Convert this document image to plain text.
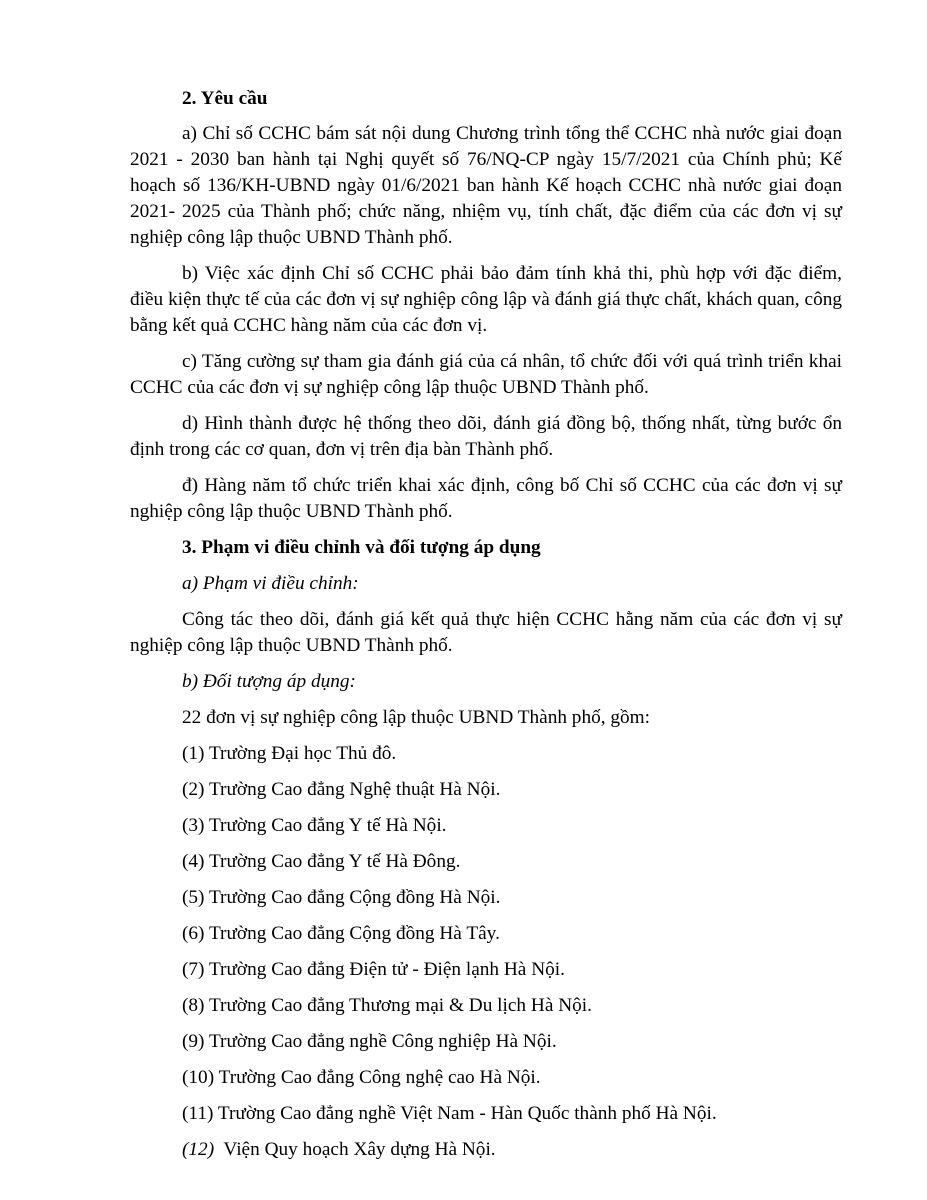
2. Yêu cầu

a) Chỉ số CCHC bám sát nội dung Chương trình tổng thể CCHC nhà nước giai đoạn 2021 - 2030 ban hành tại Nghị quyết số 76/NQ-CP ngày 15/7/2021 của Chính phủ; Kế hoạch số 136/KH-UBND ngày 01/6/2021 ban hành Kế hoạch CCHC nhà nước giai đoạn 2021- 2025 của Thành phố; chức năng, nhiệm vụ, tính chất, đặc điểm của các đơn vị sự nghiệp công lập thuộc UBND Thành phố.

b) Việc xác định Chỉ số CCHC phải bảo đảm tính khả thi, phù hợp với đặc điểm, điều kiện thực tế của các đơn vị sự nghiệp công lập và đánh giá thực chất, khách quan, công bằng kết quả CCHC hàng năm của các đơn vị.

c) Tăng cường sự tham gia đánh giá của cá nhân, tổ chức đối với quá trình triển khai CCHC của các đơn vị sự nghiệp công lập thuộc UBND Thành phố.

d) Hình thành được hệ thống theo dõi, đánh giá đồng bộ, thống nhất, từng bước ổn định trong các cơ quan, đơn vị trên địa bàn Thành phố.

đ) Hàng năm tổ chức triển khai xác định, công bố Chỉ số CCHC của các đơn vị sự nghiệp công lập thuộc UBND Thành phố.

3. Phạm vi điều chỉnh và đối tượng áp dụng

a) Phạm vi điều chỉnh:

Công tác theo dõi, đánh giá kết quả thực hiện CCHC hằng năm của các đơn vị sự nghiệp công lập thuộc UBND Thành phố.

b) Đối tượng áp dụng:

22 đơn vị sự nghiệp công lập thuộc UBND Thành phố, gồm:

(1) Trường Đại học Thủ đô.

(2) Trường Cao đẳng Nghệ thuật Hà Nội.

(3) Trường Cao đẳng Y tế Hà Nội.

(4) Trường Cao đẳng Y tế Hà Đông.

(5) Trường Cao đẳng Cộng đồng Hà Nội.

(6) Trường Cao đẳng Cộng đồng Hà Tây.

(7) Trường Cao đẳng Điện tử - Điện lạnh Hà Nội.

(8) Trường Cao đẳng Thương mại & Du lịch Hà Nội.

(9) Trường Cao đẳng nghề Công nghiệp Hà Nội.

(10) Trường Cao đẳng Công nghệ cao Hà Nội.

(11) Trường Cao đẳng nghề Việt Nam - Hàn Quốc thành phố Hà Nội.

(12) Viện Quy hoạch Xây dựng Hà Nội.
